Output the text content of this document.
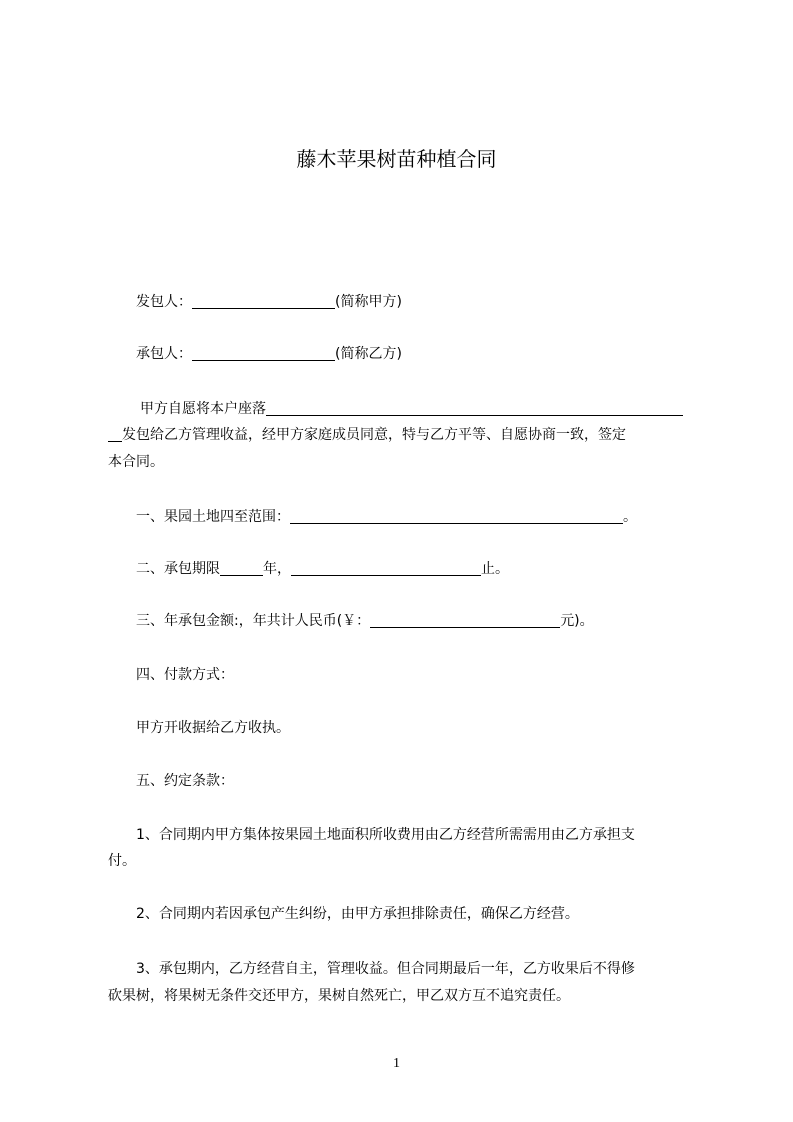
藤木苹果树苗种植合同
发包人：	(简称甲方)
承包人：	(简称乙方)
甲方自愿将本户座落
发包给乙方管理收益，经甲方家庭成员同意，特与乙方平等、自愿协商一致，签定
本合同。
一、果园土地四至范围：	。
二、承包期限	年，	止。
三、年承包金额:，年共计人民币(￥：	元)。
四、付款方式：
甲方开收据给乙方收执。
五、约定条款：
1、合同期内甲方集体按果园土地面积所收费用由乙方经营所需需用由乙方承担支
付。
2、合同期内若因承包产生纠纷，由甲方承担排除责任，确保乙方经营。
3、承包期内，乙方经营自主，管理收益。但合同期最后一年，乙方收果后不得修
砍果树，将果树无条件交还甲方，果树自然死亡，甲乙双方互不追究责任。
1
